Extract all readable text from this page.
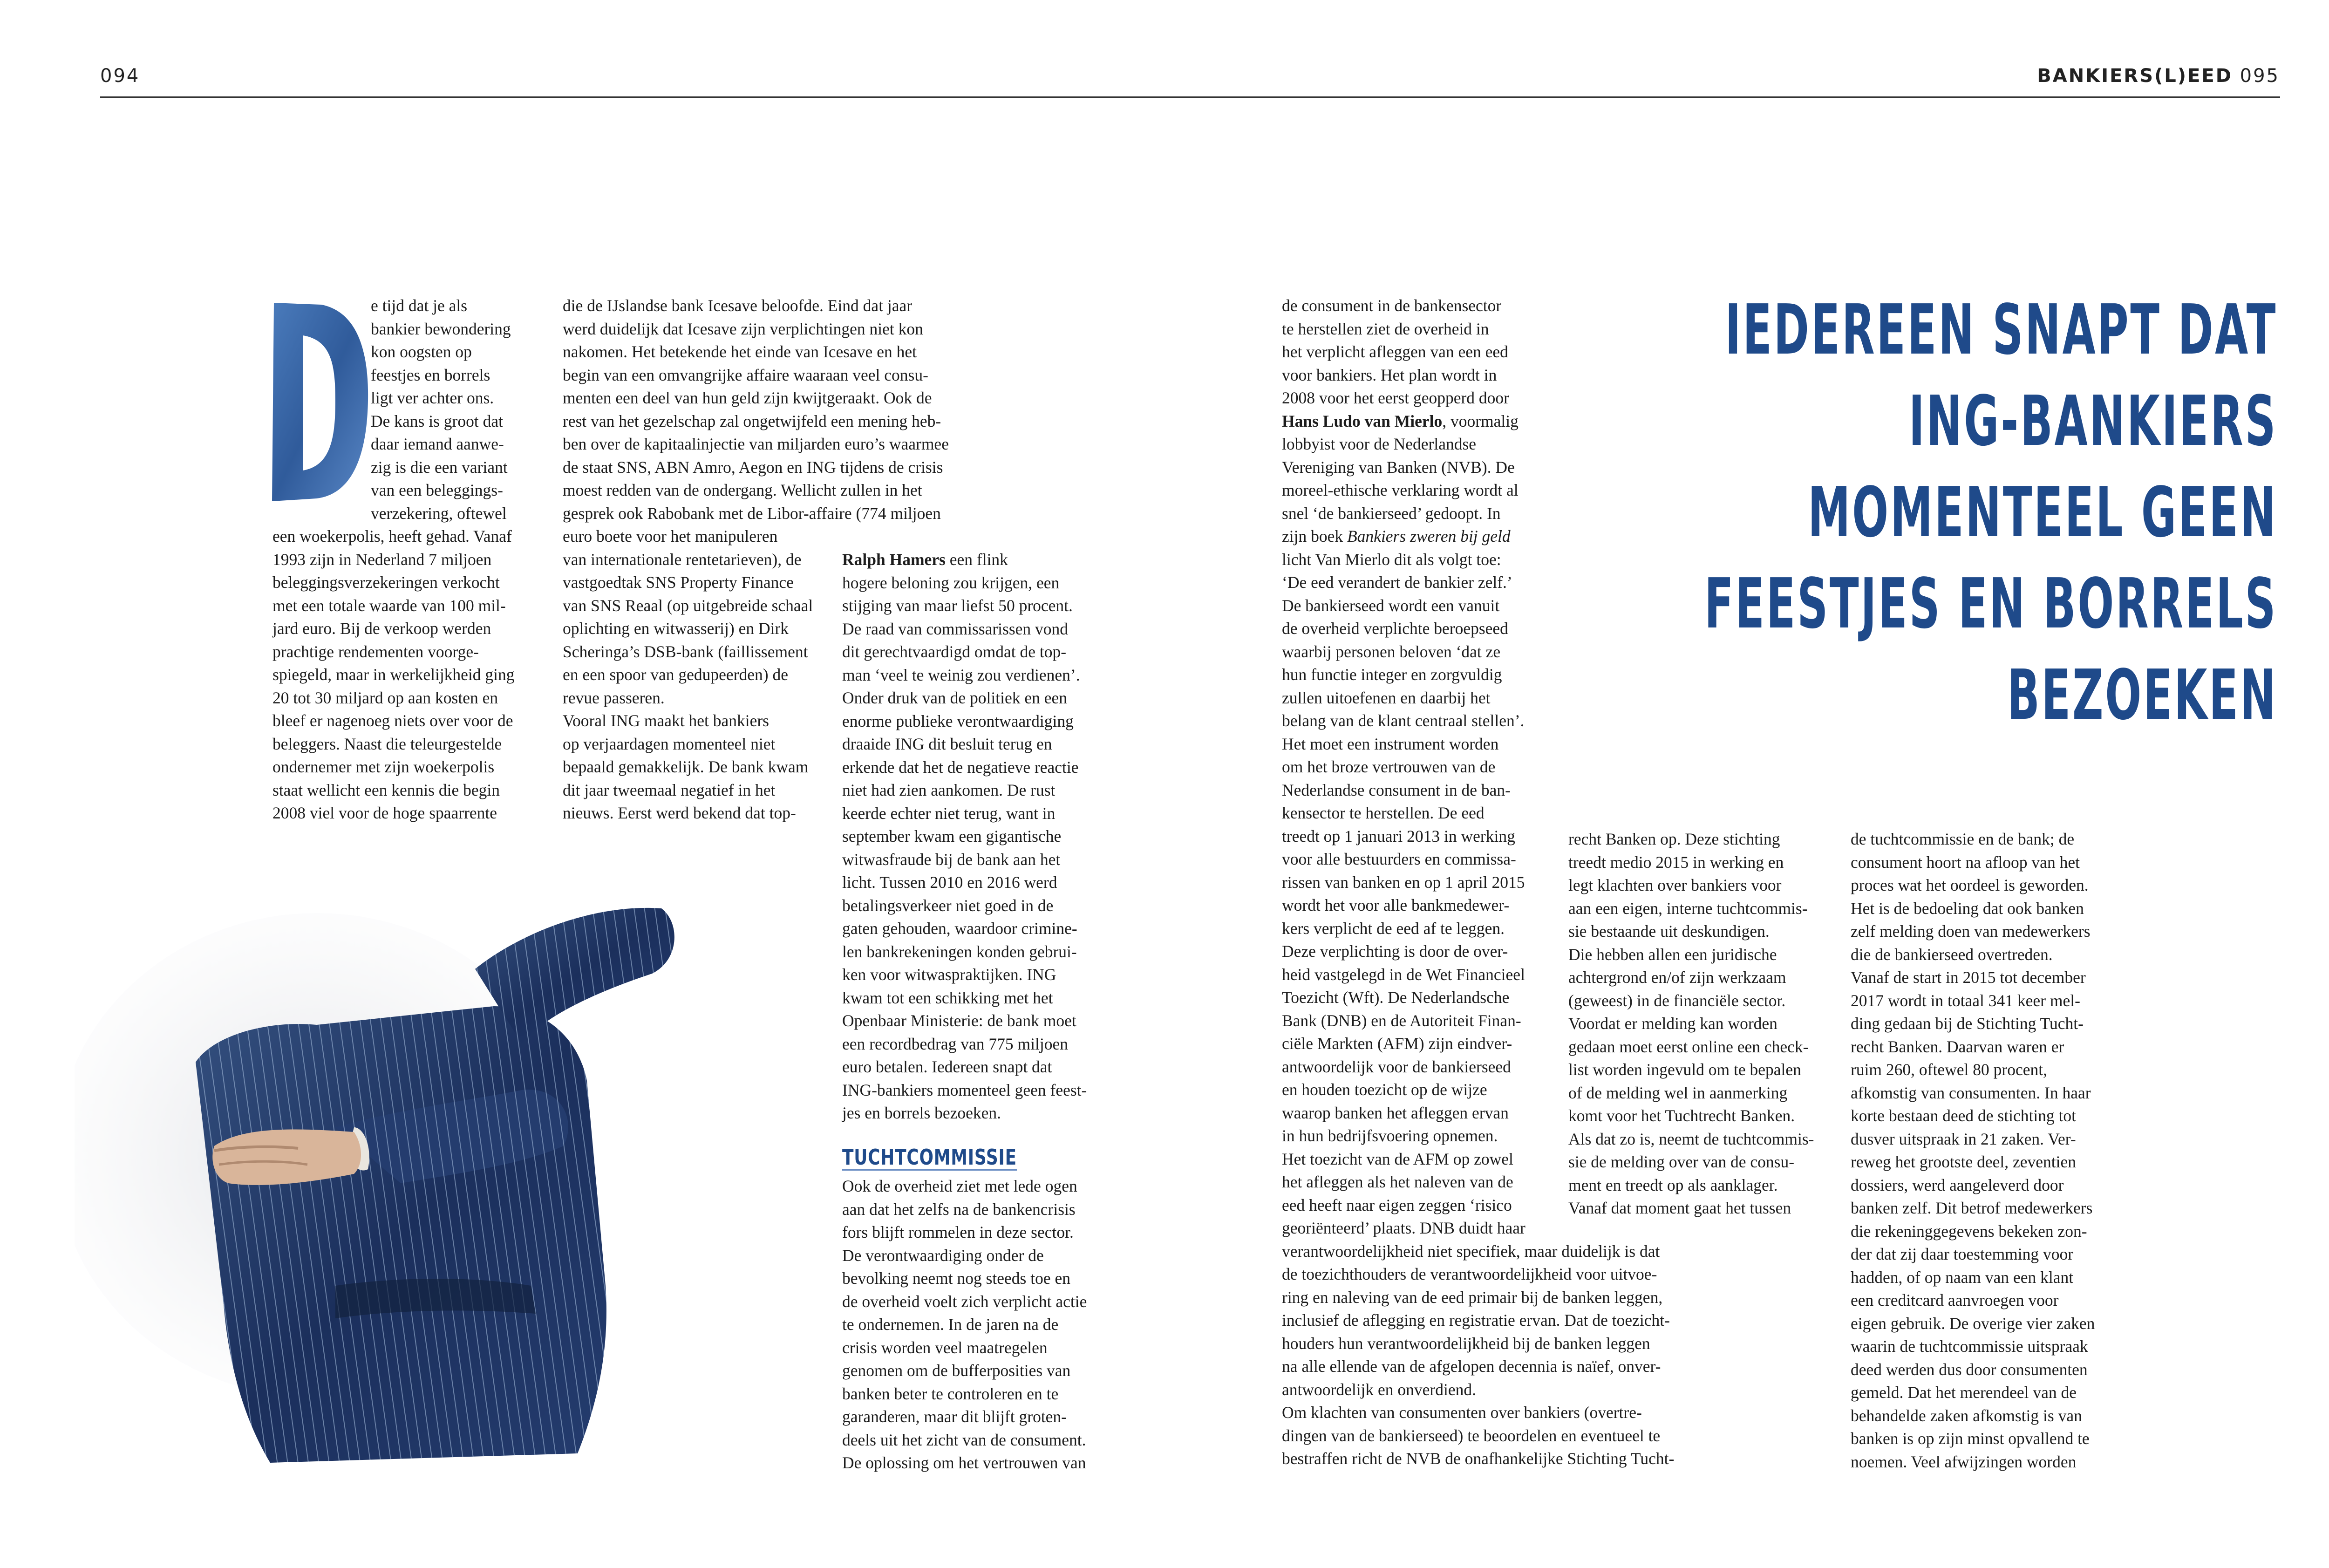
094	BANKIERS(L)EED 095
e tijd dat je als
bankier bewondering
kon oogsten op
feestjes en borrels
ligt ver achter ons.
De kans is groot dat
daar iemand aanwe-
zig is die een variant
van een beleggings-
verzekering, oftewel
een woekerpolis, heeft gehad. Vanaf
1993 zijn in Nederland 7 miljoen
beleggingsverzekeringen verkocht
met een totale waarde van 100 mil-
jard euro. Bij de verkoop werden
prachtige rendementen voorge-
spiegeld, maar in werkelijkheid ging
20 tot 30 miljard op aan kosten en
bleef er nagenoeg niets over voor de
beleggers. Naast die teleurgestelde
ondernemer met zijn woekerpolis
staat wellicht een kennis die begin
2008 viel voor de hoge spaarrente
die de IJslandse bank Icesave beloofde. Eind dat jaar
werd duidelijk dat Icesave zijn verplichtingen niet kon
nakomen. Het betekende het einde van Icesave en het
begin van een omvangrijke affaire waaraan veel consu-
menten een deel van hun geld zijn kwijtgeraakt. Ook de
rest van het gezelschap zal ongetwijfeld een mening heb-
ben over de kapitaalinjectie van miljarden euro’s waarmee
de staat SNS, ABN Amro, Aegon en ING tijdens de crisis
moest redden van de ondergang. Wellicht zullen in het
gesprek ook Rabobank met de Libor-affaire (774 miljoen
euro boete voor het manipuleren
van internationale rentetarieven), de
vastgoedtak SNS Property Finance
van SNS Reaal (op uitgebreide schaal
oplichting en witwasserij) en Dirk
Scheringa’s DSB-bank (faillissement
en een spoor van gedupeerden) de
revue passeren.
Vooral ING maakt het bankiers
op verjaardagen momenteel niet
bepaald gemakkelijk. De bank kwam
dit jaar tweemaal negatief in het
nieuws. Eerst werd bekend dat top-
Ralph Hamers een flink
hogere beloning zou krijgen, een
stijging van maar liefst 50 procent.
De raad van commissarissen vond
dit gerechtvaardigd omdat de top-
man ‘veel te weinig zou verdienen’.
Onder druk van de politiek en een
enorme publieke verontwaardiging
draaide ING dit besluit terug en
erkende dat het de negatieve reactie
niet had zien aankomen. De rust
keerde echter niet terug, want in
september kwam een gigantische
witwasfraude bij de bank aan het
licht. Tussen 2010 en 2016 werd
betalingsverkeer niet goed in de
gaten gehouden, waardoor crimine-
len bankrekeningen konden gebrui-
ken voor witwaspraktijken. ING
kwam tot een schikking met het
Openbaar Ministerie: de bank moet
een recordbedrag van 775 miljoen
euro betalen. Iedereen snapt dat
ING-bankiers momenteel geen feest-
jes en borrels bezoeken.
TUCHTCOMMISSIE
Ook de overheid ziet met lede ogen
aan dat het zelfs na de bankencrisis
fors blijft rommelen in deze sector.
De verontwaardiging onder de
bevolking neemt nog steeds toe en
de overheid voelt zich verplicht actie
te ondernemen. In de jaren na de
crisis worden veel maatregelen
genomen om de bufferposities van
banken beter te controleren en te
garanderen, maar dit blijft groten-
deels uit het zicht van de consument.
De oplossing om het vertrouwen van
IEDEREEN SNAPT DAT
ING-BANKIERS
MOMENTEEL GEEN
FEESTJES EN BORRELS
BEZOEKEN
de consument in de bankensector
te herstellen ziet de overheid in
het verplicht afleggen van een eed
voor bankiers. Het plan wordt in
2008 voor het eerst geopperd door
Hans Ludo van Mierlo, voormalig
lobbyist voor de Nederlandse
Vereniging van Banken (NVB). De
moreel-ethische verklaring wordt al
snel ‘de bankierseed’ gedoopt. In
zijn boek Bankiers zweren bij geld
licht Van Mierlo dit als volgt toe:
‘De eed verandert de bankier zelf.’
De bankierseed wordt een vanuit
de overheid verplichte beroepseed
waarbij personen beloven ‘dat ze
hun functie integer en zorgvuldig
zullen uitoefenen en daarbij het
belang van de klant centraal stellen’.
Het moet een instrument worden
om het broze vertrouwen van de
Nederlandse consument in de ban-
kensector te herstellen. De eed
treedt op 1 januari 2013 in werking
voor alle bestuurders en commissa-
rissen van banken en op 1 april 2015
wordt het voor alle bankmedewer-
kers verplicht de eed af te leggen.
Deze verplichting is door de over-
heid vastgelegd in de Wet Financieel
Toezicht (Wft). De Nederlandsche
Bank (DNB) en de Autoriteit Finan-
ciële Markten (AFM) zijn eindver-
antwoordelijk voor de bankierseed
en houden toezicht op de wijze
waarop banken het afleggen ervan
in hun bedrijfsvoering opnemen.
Het toezicht van de AFM op zowel
het afleggen als het naleven van de
eed heeft naar eigen zeggen ‘risico
georiënteerd’ plaats. DNB duidt haar
verantwoordelijkheid niet specifiek, maar duidelijk is dat
de toezichthouders de verantwoordelijkheid voor uitvoe-
ring en naleving van de eed primair bij de banken leggen,
inclusief de aflegging en registratie ervan. Dat de toezicht-
houders hun verantwoordelijkheid bij de banken leggen
na alle ellende van de afgelopen decennia is naïef, onver-
antwoordelijk en onverdiend.
Om klachten van consumenten over bankiers (overtre-
dingen van de bankierseed) te beoordelen en eventueel te
bestraffen richt de NVB de onafhankelijke Stichting Tucht-
recht Banken op. Deze stichting
treedt medio 2015 in werking en
legt klachten over bankiers voor
aan een eigen, interne tuchtcommis-
sie bestaande uit deskundigen.
Die hebben allen een juridische
achtergrond en/of zijn werkzaam
(geweest) in de financiële sector.
Voordat er melding kan worden
gedaan moet eerst online een check-
list worden ingevuld om te bepalen
of de melding wel in aanmerking
komt voor het Tuchtrecht Banken.
Als dat zo is, neemt de tuchtcommis-
sie de melding over van de consu-
ment en treedt op als aanklager.
Vanaf dat moment gaat het tussen
de tuchtcommissie en de bank; de
consument hoort na afloop van het
proces wat het oordeel is geworden.
Het is de bedoeling dat ook banken
zelf melding doen van medewerkers
die de bankierseed overtreden.
Vanaf de start in 2015 tot december
2017 wordt in totaal 341 keer mel-
ding gedaan bij de Stichting Tucht-
recht Banken. Daarvan waren er
ruim 260, oftewel 80 procent,
afkomstig van consumenten. In haar
korte bestaan deed de stichting tot
dusver uitspraak in 21 zaken. Ver-
reweg het grootste deel, zeventien
dossiers, werd aangeleverd door
banken zelf. Dit betrof medewerkers
die rekeninggegevens bekeken zon-
der dat zij daar toestemming voor
hadden, of op naam van een klant
een creditcard aanvroegen voor
eigen gebruik. De overige vier zaken
waarin de tuchtcommissie uitspraak
deed werden dus door consumenten
gemeld. Dat het merendeel van de
behandelde zaken afkomstig is van
banken is op zijn minst opvallend te
noemen. Veel afwijzingen worden
